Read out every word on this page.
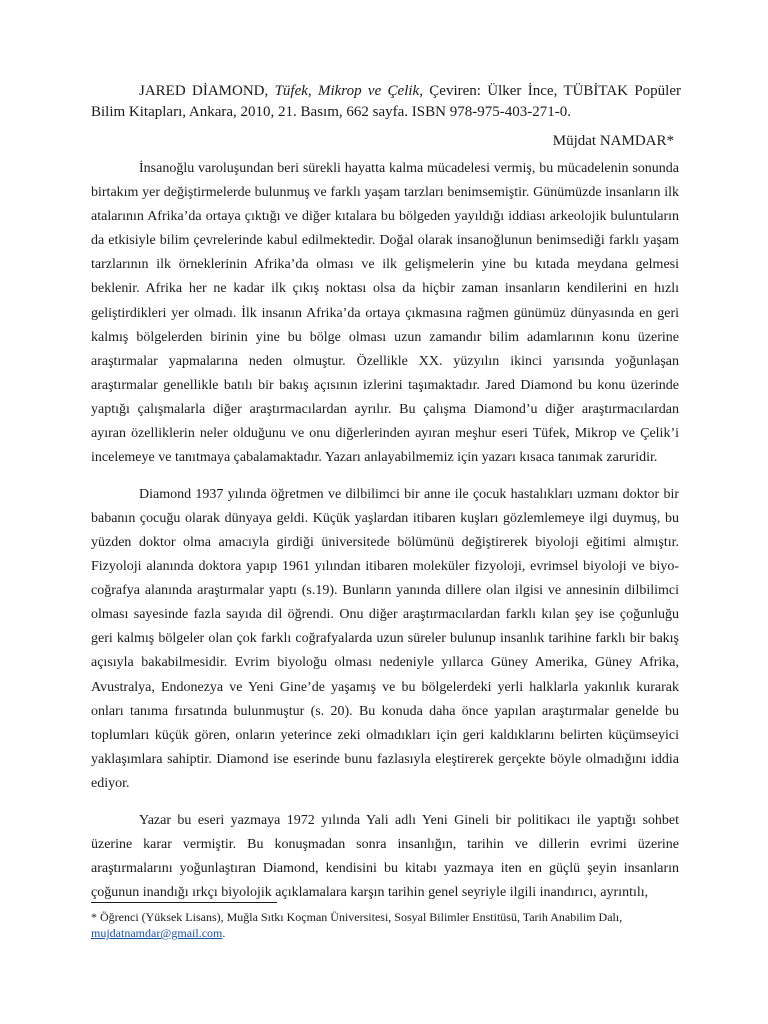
JARED DİAMOND, Tüfek, Mikrop ve Çelik, Çeviren: Ülker İnce, TÜBİTAK Popüler Bilim Kitapları, Ankara, 2010, 21. Basım, 662 sayfa. ISBN 978-975-403-271-0.
Müjdat NAMDAR*

İnsanoğlu varoluşundan beri sürekli hayatta kalma mücadelesi vermiş, bu mücadelenin sonunda birtakım yer değiştirmelerde bulunmuş ve farklı yaşam tarzları benimsemiştir. Günümüzde insanların ilk atalarının Afrika’da ortaya çıktığı ve diğer kıtalara bu bölgeden yayıldığı iddiası arkeolojik buluntuların da etkisiyle bilim çevrelerinde kabul edilmektedir. Doğal olarak insanoğlunun benimsediği farklı yaşam tarzlarının ilk örneklerinin Afrika’da olması ve ilk gelişmelerin yine bu kıtada meydana gelmesi beklenir. Afrika her ne kadar ilk çıkış noktası olsa da hiçbir zaman insanların kendilerini en hızlı geliştirdikleri yer olmadı. İlk insanın Afrika’da ortaya çıkmasına rağmen günümüz dünyasında en geri kalmış bölgelerden birinin yine bu bölge olması uzun zamandır bilim adamlarının konu üzerine araştırmalar yapmalarına neden olmuştur. Özellikle XX. yüzyılın ikinci yarısında yoğunlaşan araştırmalar genellikle batılı bir bakış açısının izlerini taşımaktadır. Jared Diamond bu konu üzerinde yaptığı çalışmalarla diğer araştırmacılardan ayrılır. Bu çalışma Diamond’u diğer araştırmacılardan ayıran özelliklerin neler olduğunu ve onu diğerlerinden ayıran meşhur eseri Tüfek, Mikrop ve Çelik’i incelemeye ve tanıtmaya çabalamaktadır. Yazarı anlayabilmemiz için yazarı kısaca tanımak zaruridir.

Diamond 1937 yılında öğretmen ve dilbilimci bir anne ile çocuk hastalıkları uzmanı doktor bir babanın çocuğu olarak dünyaya geldi. Küçük yaşlardan itibaren kuşları gözlemlemeye ilgi duymuş, bu yüzden doktor olma amacıyla girdiği üniversitede bölümünü değiştirerek biyoloji eğitimi almıştır. Fizyoloji alanında doktora yapıp 1961 yılından itibaren moleküler fizyoloji, evrimsel biyoloji ve biyo-coğrafya alanında araştırmalar yaptı (s.19). Bunların yanında dillere olan ilgisi ve annesinin dilbilimci olması sayesinde fazla sayıda dil öğrendi. Onu diğer araştırmacılardan farklı kılan şey ise çoğunluğu geri kalmış bölgeler olan çok farklı coğrafyalarda uzun süreler bulunup insanlık tarihine farklı bir bakış açısıyla bakabilmesidir. Evrim biyoloğu olması nedeniyle yıllarca Güney Amerika, Güney Afrika, Avustralya, Endonezya ve Yeni Gine’de yaşamış ve bu bölgelerdeki yerli halklarla yakınlık kurarak onları tanıma fırsatında bulunmuştur (s. 20). Bu konuda daha önce yapılan araştırmalar genelde bu toplumları küçük gören, onların yeterince zeki olmadıkları için geri kaldıklarını belirten küçümseyici yaklaşımlara sahiptir. Diamond ise eserinde bunu fazlasıyla eleştirerek gerçekte böyle olmadığını iddia ediyor.

Yazar bu eseri yazmaya 1972 yılında Yali adlı Yeni Gineli bir politikacı ile yaptığı sohbet üzerine karar vermiştir. Bu konuşmadan sonra insanlığın, tarihin ve dillerin evrimi üzerine araştırmalarını yoğunlaştıran Diamond, kendisini bu kitabı yazmaya iten en güçlü şeyin insanların çoğunun inandığı ırkçı biyolojik açıklamalara karşın tarihin genel seyriyle ilgili inandırıcı, ayrıntılı,

* Öğrenci (Yüksek Lisans), Muğla Sıtkı Koçman Üniversitesi, Sosyal Bilimler Enstitüsü, Tarih Anabilim Dalı,
mujdatnamdar@gmail.com.
